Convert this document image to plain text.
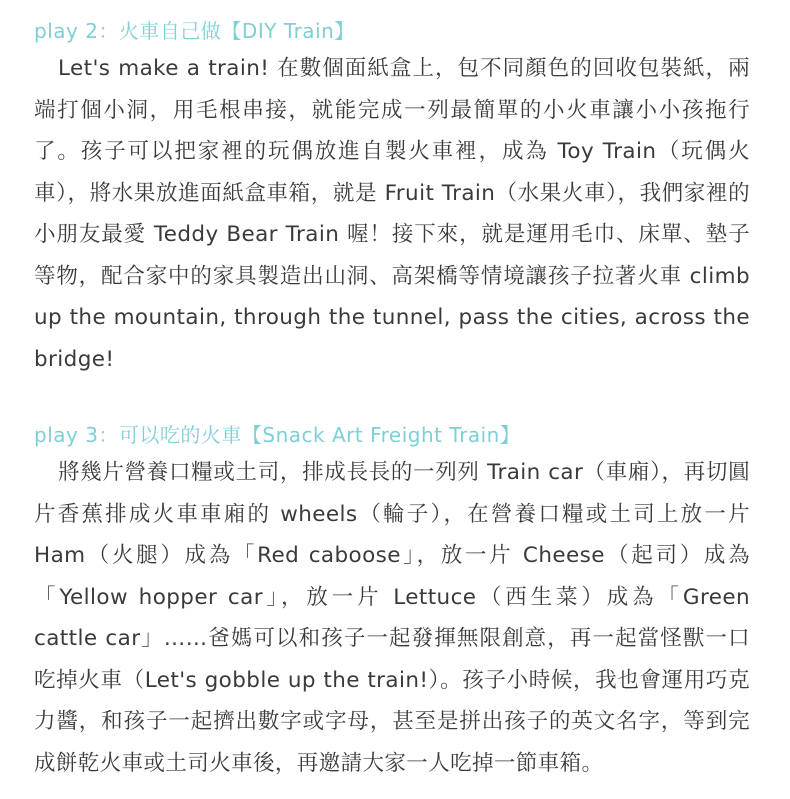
play 2：火車自己做【DIY Train】
Let's make a train! 在數個面紙盒上，包不同顏色的回收包裝紙，兩端打個小洞，用毛根串接，就能完成一列最簡單的小火車讓小小孩拖行了。孩子可以把家裡的玩偶放進自製火車裡，成為 Toy Train（玩偶火車），將水果放進面紙盒車箱，就是 Fruit Train（水果火車），我們家裡的小朋友最愛 Teddy Bear Train 喔！接下來，就是運用毛巾、床單、墊子等物，配合家中的家具製造出山洞、高架橋等情境讓孩子拉著火車 climb up the mountain, through the tunnel, pass the cities, across the bridge!
play 3：可以吃的火車【Snack Art Freight Train】
將幾片營養口糧或土司，排成長長的一列列 Train car（車廂），再切圓片香蕉排成火車車廂的 wheels（輪子），在營養口糧或土司上放一片 Ham（火腿）成為「Red caboose」，放一片 Cheese（起司）成為「Yellow hopper car」，放一片 Lettuce（西生菜）成為「Green cattle car」……爸媽可以和孩子一起發揮無限創意，再一起當怪獸一口吃掉火車（Let's gobble up the train!）。孩子小時候，我也會運用巧克力醬，和孩子一起擠出數字或字母，甚至是拼出孩子的英文名字，等到完成餅乾火車或土司火車後，再邀請大家一人吃掉一節車箱。
